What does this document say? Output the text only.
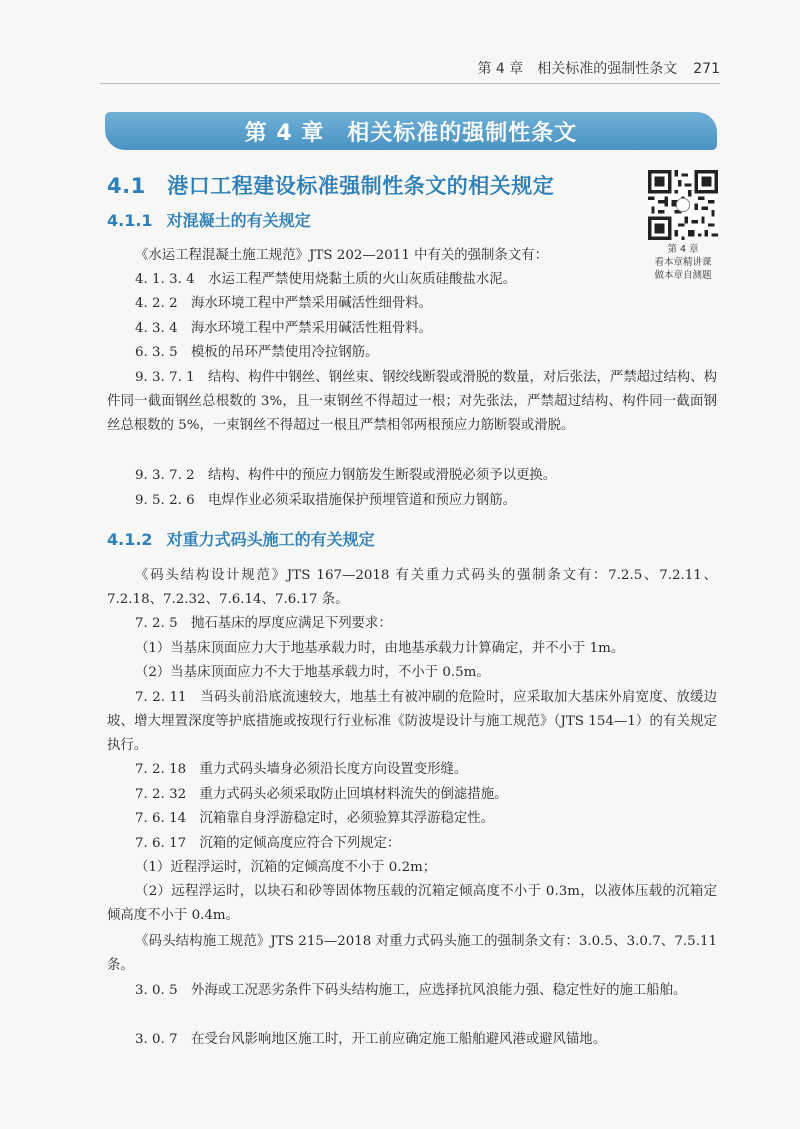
第 4 章　相关标准的强制性条文 271
第 4 章　相关标准的强制性条文
第 4 章
看本章精讲课
做本章自测题
4.1　 港口工程建设标准强制性条文的相关规定
4.1.1 对混凝土的有关规定
《水运工程混凝土施工规范》JTS 202—2011 中有关的强制条文有：
4. 1. 3. 4　水运工程严禁使用烧黏土质的火山灰质硅酸盐水泥。
4. 2. 2　海水环境工程中严禁采用碱活性细骨料。
4. 3. 4　海水环境工程中严禁采用碱活性粗骨料。
6. 3. 5　模板的吊环严禁使用冷拉钢筋。
9. 3. 7. 1　结构、构件中钢丝、钢丝束、钢绞线断裂或滑脱的数量，对后张法，严禁超过结构、构件同一截面钢丝总根数的 3%，且一束钢丝不得超过一根；对先张法，严禁超过结构、构件同一截面钢丝总根数的 5%，一束钢丝不得超过一根且严禁相邻两根预应力筋断裂或滑脱。
9. 3. 7. 2　结构、构件中的预应力钢筋发生断裂或滑脱必须予以更换。
9. 5. 2. 6　电焊作业必须采取措施保护预埋管道和预应力钢筋。
4.1.2 对重力式码头施工的有关规定
《码头结构设计规范》JTS 167—2018 有关重力式码头的强制条文有：7.2.5、7.2.11、7.2.18、7.2.32、7.6.14、7.6.17 条。
7. 2. 5　抛石基床的厚度应满足下列要求：
（1）当基床顶面应力大于地基承载力时，由地基承载力计算确定，并不小于 1m。
（2）当基床顶面应力不大于地基承载力时，不小于 0.5m。
7. 2. 11　当码头前沿底流速较大，地基土有被冲刷的危险时，应采取加大基床外肩宽度、放缓边坡、增大埋置深度等护底措施或按现行行业标准《防波堤设计与施工规范》（JTS 154—1）的有关规定执行。
7. 2. 18　重力式码头墙身必须沿长度方向设置变形缝。
7. 2. 32　重力式码头必须采取防止回填材料流失的倒滤措施。
7. 6. 14　沉箱靠自身浮游稳定时，必须验算其浮游稳定性。
7. 6. 17　沉箱的定倾高度应符合下列规定：
（1）近程浮运时，沉箱的定倾高度不小于 0.2m；
（2）远程浮运时，以块石和砂等固体物压载的沉箱定倾高度不小于 0.3m，以液体压载的沉箱定倾高度不小于 0.4m。
《码头结构施工规范》JTS 215—2018 对重力式码头施工的强制条文有：3.0.5、3.0.7、7.5.11 条。
3. 0. 5　外海或工况恶劣条件下码头结构施工，应选择抗风浪能力强、稳定性好的施工船舶。
3. 0. 7　在受台风影响地区施工时，开工前应确定施工船舶避风港或避风锚地。
